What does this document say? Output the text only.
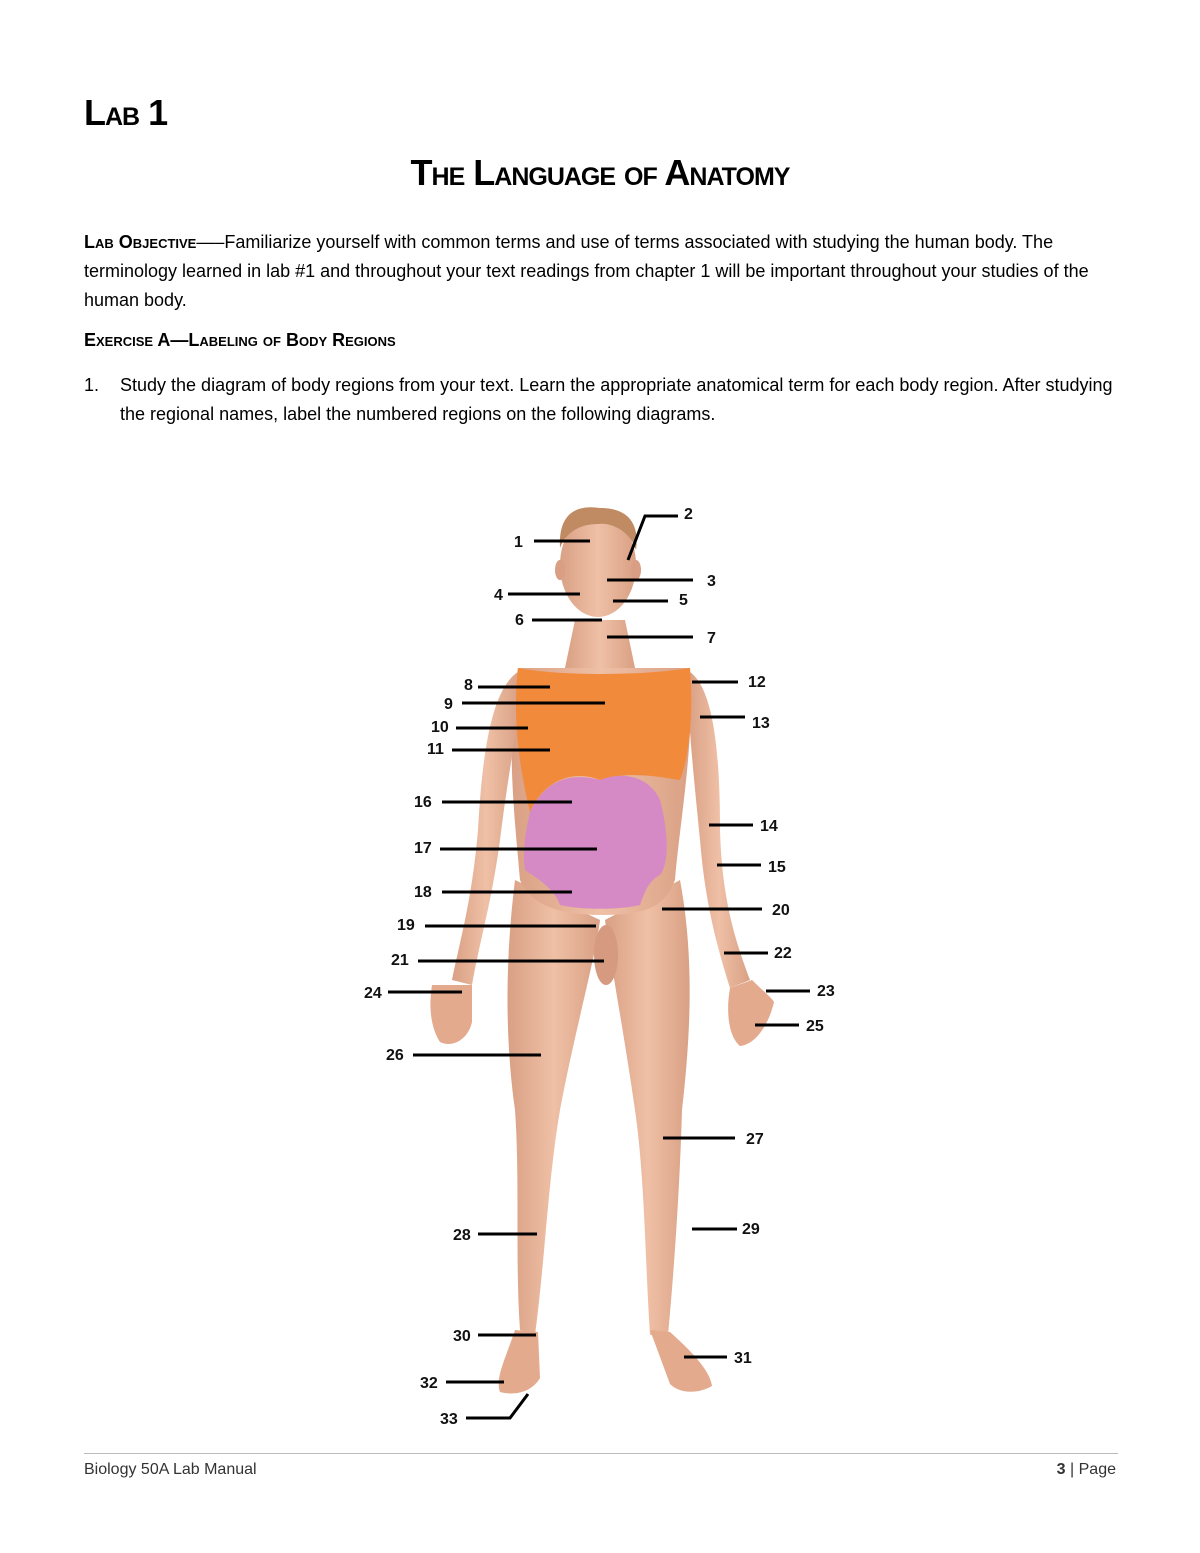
Lab 1
The Language of Anatomy
Lab Objective—–Familiarize yourself with common terms and use of terms associated with studying the human body. The terminology learned in lab #1 and throughout your text readings from chapter 1 will be important throughout your studies of the human body.
Exercise A—Labeling of Body Regions
1. Study the diagram of body regions from your text. Learn the appropriate anatomical term for each body region. After studying the regional names, label the numbered regions on the following diagrams.
1
2
3
4	5
6
7
8
9
10
11
12
13
14
15
16
17
18
19
20
21	22
23
24
25
26
27
28	29
30
31
32
33
Biology 50A Lab Manual	3 | Page
